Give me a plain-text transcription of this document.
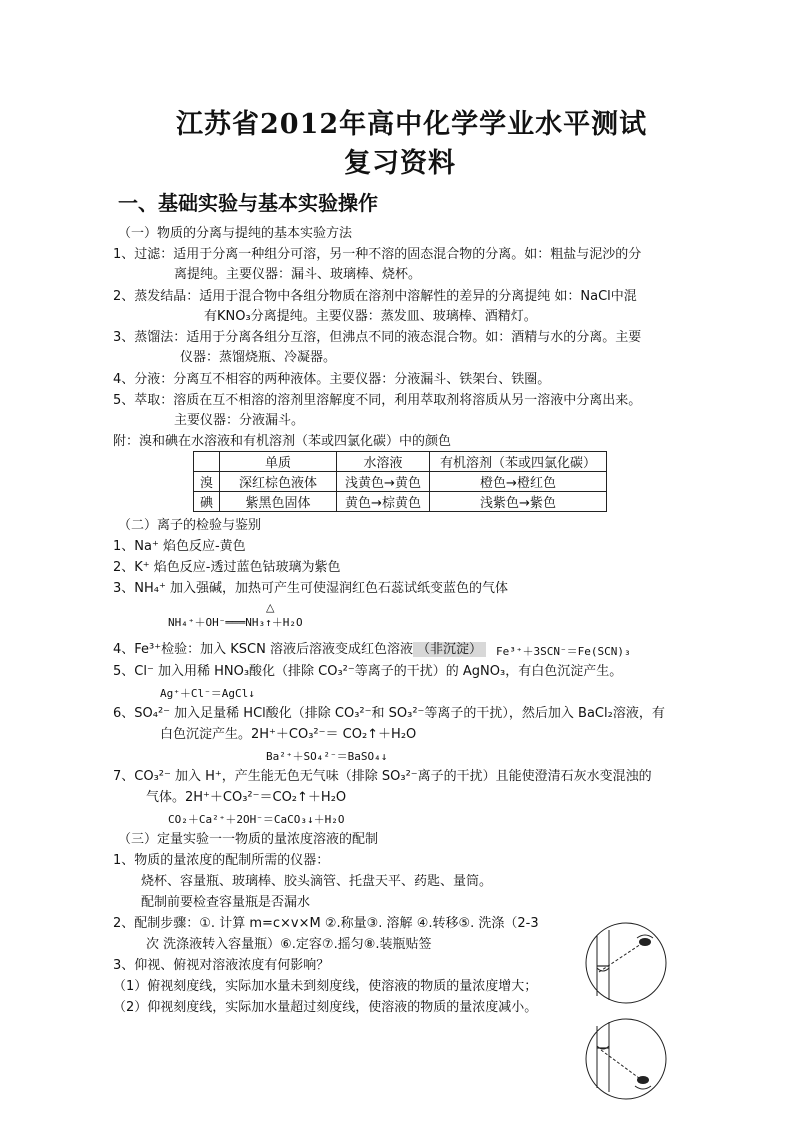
江苏省2012年高中化学学业水平测试
复习资料
一、基础实验与基本实验操作
（一）物质的分离与提纯的基本实验方法
1、过滤：适用于分离一种组分可溶，另一种不溶的固态混合物的分离。如：粗盐与泥沙的分
离提纯。主要仪器：漏斗、玻璃棒、烧杯。
2、蒸发结晶：适用于混合物中各组分物质在溶剂中溶解性的差异的分离提纯 如：NaCl中混
有KNO₃分离提纯。主要仪器：蒸发皿、玻璃棒、酒精灯。
3、蒸馏法：适用于分离各组分互溶，但沸点不同的液态混合物。如：酒精与水的分离。主要
仪器：蒸馏烧瓶、冷凝器。
4、分液：分离互不相容的两种液体。主要仪器：分液漏斗、铁架台、铁圈。
5、萃取：溶质在互不相溶的溶剂里溶解度不同，利用萃取剂将溶质从另一溶液中分离出来。
主要仪器：分液漏斗。
附：溴和碘在水溶液和有机溶剂（苯或四氯化碳）中的颜色
	单质	水溶液	有机溶剂（苯或四氯化碳）
溴	深红棕色液体	浅黄色→黄色	橙色→橙红色
碘	紫黑色固体	黄色→棕黄色	浅紫色→紫色
（二）离子的检验与鉴别
1、Na⁺ 焰色反应-黄色
2、K⁺ 焰色反应-透过蓝色钴玻璃为紫色
3、NH₄⁺ 加入强碱，加热可产生可使湿润红色石蕊试纸变蓝色的气体
△
NH₄⁺＋OH⁻═══NH₃↑＋H₂O
4、Fe³⁺检验：加入 KSCN 溶液后溶液变成红色溶液 （非沉淀）	Fe³⁺＋3SCN⁻＝Fe(SCN)₃
5、Cl⁻ 加入用稀 HNO₃酸化（排除 CO₃²⁻等离子的干扰）的 AgNO₃，有白色沉淀产生。
Ag⁺＋Cl⁻＝AgCl↓
6、SO₄²⁻ 加入足量稀 HCl酸化（排除 CO₃²⁻和 SO₃²⁻等离子的干扰），然后加入 BaCl₂溶液，有
白色沉淀产生。2H⁺＋CO₃²⁻＝ CO₂↑＋H₂O
Ba²⁺＋SO₄²⁻＝BaSO₄↓
7、CO₃²⁻ 加入 H⁺，产生能无色无气味（排除 SO₃²⁻离子的干扰）且能使澄清石灰水变混浊的
气体。2H⁺＋CO₃²⁻＝CO₂↑＋H₂O
CO₂＋Ca²⁺＋2OH⁻＝CaCO₃↓＋H₂O
（三）定量实验一一物质的量浓度溶液的配制
1、物质的量浓度的配制所需的仪器：
烧杯、容量瓶、玻璃棒、胶头滴管、托盘天平、药匙、量筒。
配制前要检查容量瓶是否漏水
2、配制步骤：①. 计算 m=c×v×M ②.称量③. 溶解 ④.转移⑤. 洗涤（2-3
次 洗涤液转入容量瓶）⑥.定容⑦.摇匀⑧.装瓶贴签
3、仰视、俯视对溶液浓度有何影响？
（1）俯视刻度线，实际加水量未到刻度线，使溶液的物质的量浓度增大；
（2）仰视刻度线，实际加水量超过刻度线，使溶液的物质的量浓度减小。
